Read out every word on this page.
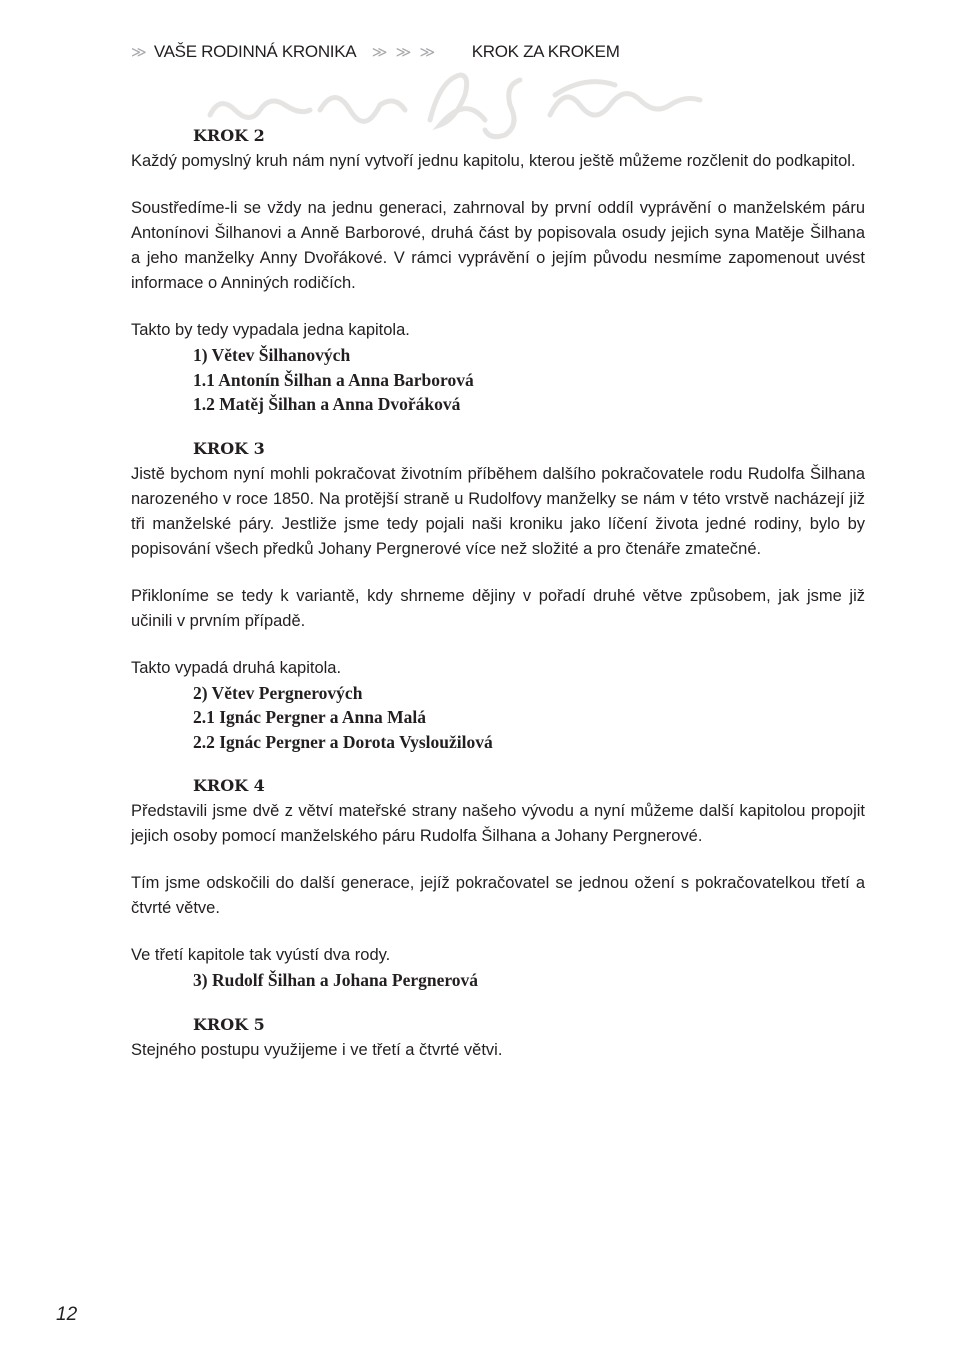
≫ VAŠE RODINNÁ KRONIKA ≫ ≫ ≫ KROK ZA KROKEM
KROK 2

Každý pomyslný kruh nám nyní vytvoří jednu kapitolu, kterou ještě můžeme rozčlenit do podkapitol.

Soustředíme-li se vždy na jednu generaci, zahrnoval by první oddíl vyprávění o manželském páru Antonínovi Šilhanovi a Anně Barborové, druhá část by popisovala osudy jejich syna Matěje Šilhana a jeho manželky Anny Dvořákové. V rámci vyprávění o jejím původu nesmíme zapomenout uvést informace o Anniných rodičích.

Takto by tedy vypadala jedna kapitola.

1) Větev Šilhanových
1.1 Antonín Šilhan a Anna Barborová
1.2 Matěj Šilhan a Anna Dvořáková
KROK 3

Jistě bychom nyní mohli pokračovat životním příběhem dalšího pokračovatele rodu Rudolfa Šilhana narozeného v roce 1850. Na protější straně u Rudolfovy manželky se nám v této vrstvě nacházejí již tři manželské páry. Jestliže jsme tedy pojali naši kroniku jako líčení života jedné rodiny, bylo by popisování všech předků Johany Pergnerové více než složité a pro čtenáře zmatečné.

Přikloníme se tedy k variantě, kdy shrneme dějiny v pořadí druhé větve způsobem, jak jsme již učinili v prvním případě.

Takto vypadá druhá kapitola.

2) Větev Pergnerových
2.1 Ignác Pergner a Anna Malá
2.2 Ignác Pergner a Dorota Vysloužilová
KROK 4

Představili jsme dvě z větví mateřské strany našeho vývodu a nyní můžeme další kapitolou propojit jejich osoby pomocí manželského páru Rudolfa Šilhana a Johany Pergnerové.

Tím jsme odskočili do další generace, jejíž pokračovatel se jednou ožení s pokračovatelkou třetí a čtvrté větve.

Ve třetí kapitole tak vyústí dva rody.

3) Rudolf Šilhan a Johana Pergnerová
KROK 5

Stejného postupu využijeme i ve třetí a čtvrté větvi.

12
